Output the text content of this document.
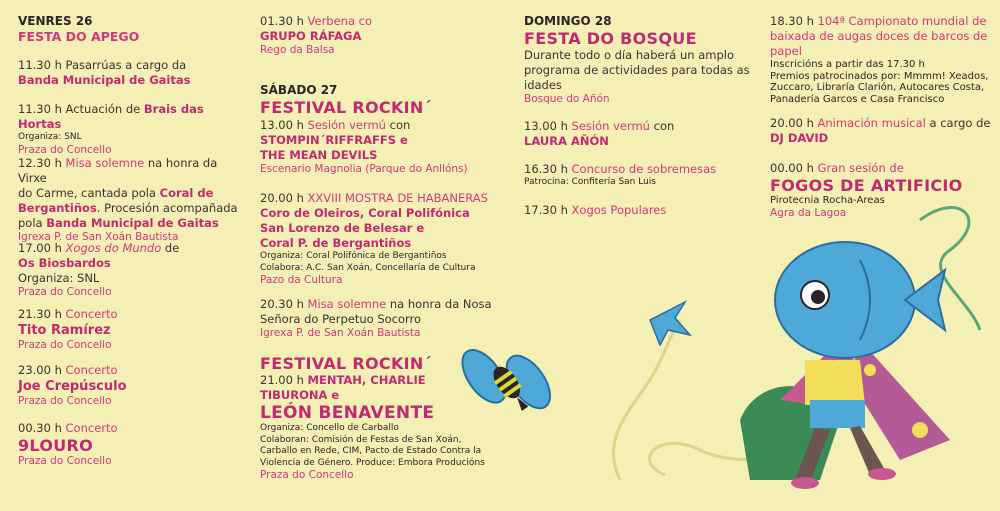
VENRES 26
FESTA DO APEGO
11.30 h Pasarrúas a cargo da
Banda Municipal de Gaitas
11.30 h Actuación de Brais das Hortas
Organiza: SNL
Praza do Concello
12.30 h Misa solemne na honra da Virxe
do Carme, cantada pola Coral de
Bergantiños. Procesión acompañada
pola Banda Municipal de Gaitas
Igrexa P. de San Xoán Bautista
17.00 h Xogos do Mundo de
Os Biosbardos
Organiza: SNL
Praza do Concello
21.30 h Concerto
Tito Ramírez
Praza do Concello
23.00 h Concerto
Joe Crepúsculo
Praza do Concello
00.30 h Concerto
9LOURO
Praza do Concello
01.30 h Verbena co
GRUPO RÁFAGA
Rego da Balsa
SÁBADO 27
FESTIVAL ROCKIN´
13.00 h Sesión vermú con
STOMPIN´RIFFRAFFS e
THE MEAN DEVILS
Escenario Magnolia (Parque do Anllóns)
20.00 h XXVIII MOSTRA DE HABANERAS
Coro de Oleiros, Coral Polifónica
San Lorenzo de Belesar e
Coral P. de Bergantiños
Organiza: Coral Polifónica de Bergantiños
Colabora: A.C. San Xoán, Concellaría de Cultura
Pazo da Cultura
20.30 h Misa solemne na honra da Nosa
Señora do Perpetuo Socorro
Igrexa P. de San Xoán Bautista
FESTIVAL ROCKIN´
21.00 h MENTAH, CHARLIE
TIBURONA e
LEÓN BENAVENTE
Organiza: Concello de Carballo
Colaboran: Comisión de Festas de San Xoán,
Carballo en Rede, CIM, Pacto de Estado Contra la
Violencia de Género. Produce: Embora Producións
Praza do Concello
DOMINGO 28
FESTA DO BOSQUE
Durante todo o día haberá un amplo
programa de actividades para todas as
idades
Bosque do Añón
13.00 h Sesión vermú con
LAURA AÑÓN
16.30 h Concurso de sobremesas
Patrocina: Confitería San Luis
17.30 h Xogos Populares
18.30 h 104ª Campionato mundial de
baixada de augas doces de barcos de
papel
Inscricións a partir das 17.30 h
Premios patrocinados por: Mmmm! Xeados,
Zuccaro, Libraría Clarión, Autocares Costa,
Panadería Garcos e Casa Francisco
20.00 h Animación musical a cargo de
DJ DAVID
00.00 h Gran sesión de
FOGOS DE ARTIFICIO
Pirotecnia Rocha-Areas
Agra da Lagoa
